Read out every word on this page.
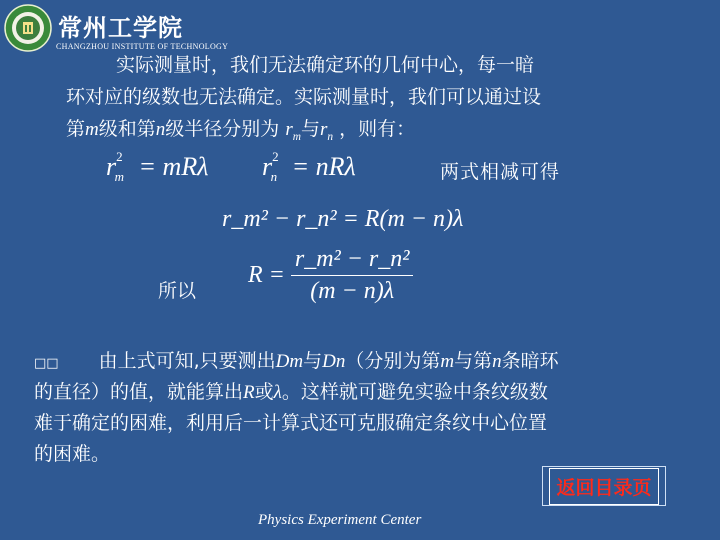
常州工学院
CHANGZHOU INSTITUTE OF TECHNOLOGY
实际测量时，我们无法确定环的几何中心，每一暗
环对应的级数也无法确定。实际测量时，我们可以通过设
第m级和第n级半径分别为 $r_m$与$r_n$ ，则有：
$r^2_m = mR\lambda$ $r^2_n = nR\lambda$	两式相减可得
r_m² − r_n² = R(m − n)λ
所以
$R = \frac{\text{r\_m² − r\_n²}}{(m - n)\lambda}$
□□ 由上式可知,只要测出Dm与Dn（分别为第m与第n条暗环
的直径）的值，就能算出R或λ。这样就可避免实验中条纹级数
难于确定的困难，利用后一计算式还可克服确定条纹中心位置
的困难。
返回目录页
Physics Experiment Center
